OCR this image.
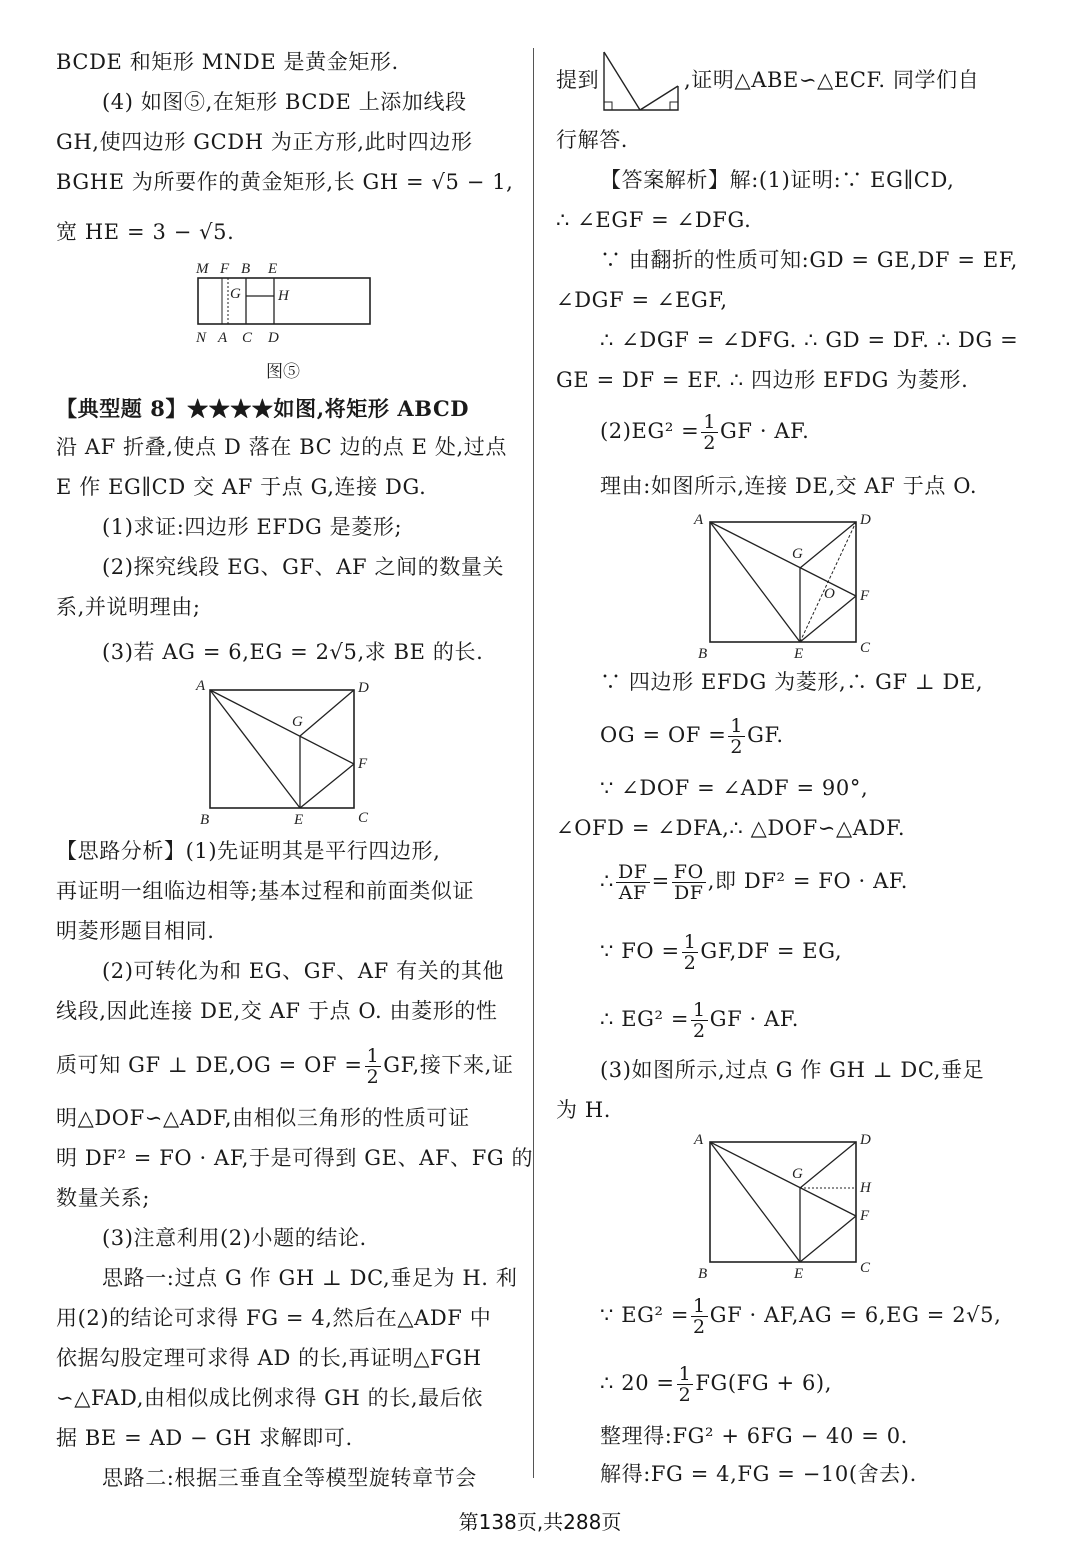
BCDE 和矩形 MNDE 是黄金矩形.
(4) 如图⑤,在矩形 BCDE 上添加线段
GH,使四边形 GCDH 为正方形,此时四边形
BGHE 为所要作的黄金矩形,长 GH = √5 − 1,
宽 HE = 3 − √5.
M F B E
G H
N A C D
图⑤
【典型题 8】★★★★如图,将矩形 ABCD
沿 AF 折叠,使点 D 落在 BC 边的点 E 处,过点
E 作 EG∥CD 交 AF 于点 G,连接 DG.
(1)求证:四边形 EFDG 是菱形;
(2)探究线段 EG、GF、AF 之间的数量关
系,并说明理由;
(3)若 AG = 6,EG = 2√5,求 BE 的长.
A	D
G
F
B	E	C
【思路分析】(1)先证明其是平行四边形,
再证明一组临边相等;基本过程和前面类似证
明菱形题目相同.
(2)可转化为和 EG、GF、AF 有关的其他
线段,因此连接 DE,交 AF 于点 O. 由菱形的性
质可知 GF ⊥ DE,OG = OF = $\frac{1}{2}$ GF,接下来,证
明△DOF∽△ADF,由相似三角形的性质可证
明 DF² = FO · AF,于是可得到 GE、AF、FG 的
数量关系;
(3)注意利用(2)小题的结论.
思路一:过点 G 作 GH ⊥ DC,垂足为 H. 利
用(2)的结论可求得 FG = 4,然后在△ADF 中
依据勾股定理可求得 AD 的长,再证明△FGH
∽△FAD,由相似成比例求得 GH 的长,最后依
据 BE = AD − GH 求解即可.
思路二:根据三垂直全等模型旋转章节会
提到	,证明△ABE∽△ECF. 同学们自
行解答.
【答案解析】解:(1)证明:∵ EG∥CD,
∴ ∠EGF = ∠DFG.
∵ 由翻折的性质可知:GD = GE,DF = EF,
∠DGF = ∠EGF,
∴ ∠DGF = ∠DFG. ∴ GD = DF. ∴ DG =
GE = DF = EF. ∴ 四边形 EFDG 为菱形.
$(2)EG^2 = \frac{1}{2}$ GF · AF.
理由:如图所示,连接 DE,交 AF 于点 O.
A	D
G
O F
B	E	C
∵ 四边形 EFDG 为菱形,∴ GF ⊥ DE,
OG = OF = $\frac{1}{2}$ GF.
∵ ∠DOF = ∠ADF = 90°,
∠OFD = ∠DFA,∴ △DOF∽△ADF.
∴ $\frac{DF}{AF} = \frac{FO}{DF}$ ,即 DF² = FO · AF.
∵ FO = $\frac{1}{2} GF,DF$ = EG,
∴ $EG^2 = \frac{1}{2}$ GF · AF.
(3)如图所示,过点 G 作 GH ⊥ DC,垂足
为 H.
A	D
G
H
F
B	E	C
∵ $EG^2 = \frac{1}{2}$ GF · AF,AG = 6,EG = 2√5,
∴ $20 = \frac{1}{2} FG(FG + 6)$,
整理得:FG² + 6FG − 40 = 0.
解得:FG = 4,FG = −10(舍去).
第138页,共288页
